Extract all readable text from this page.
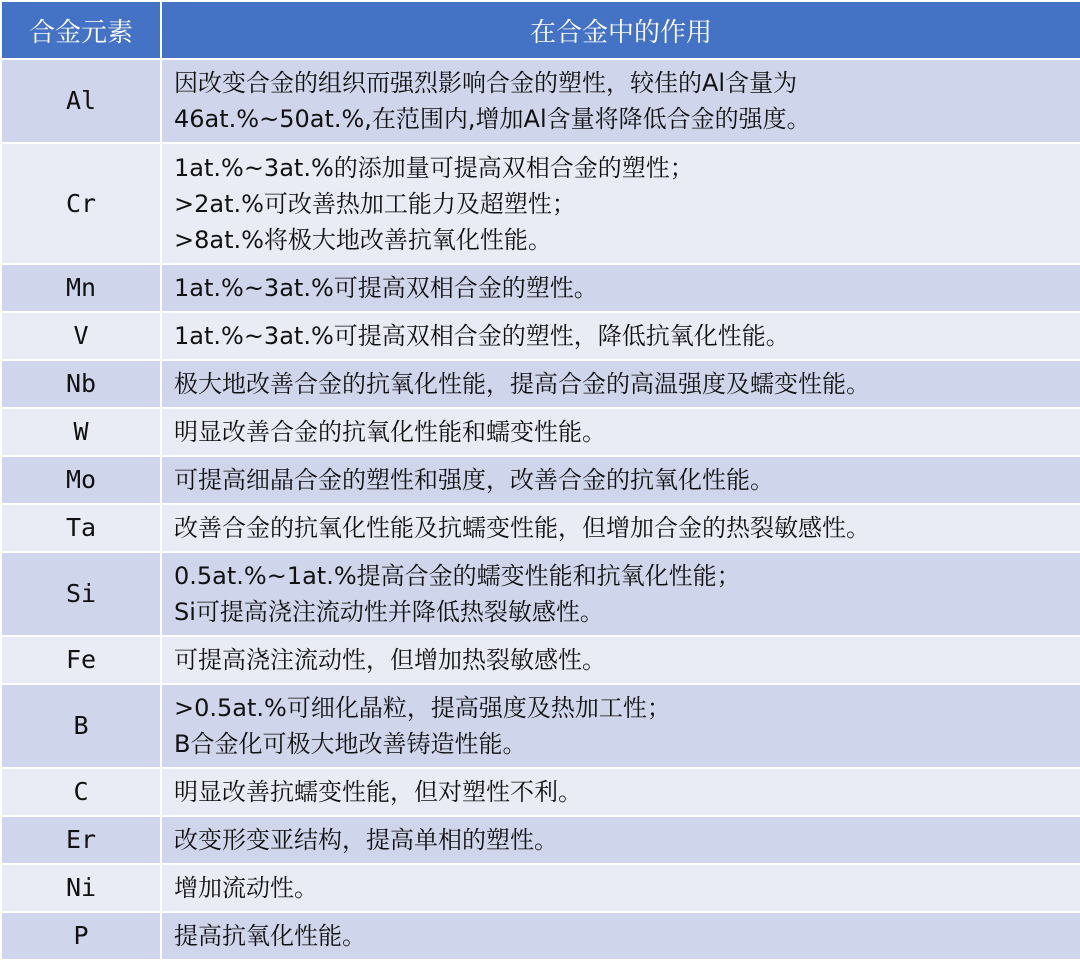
合金元素	在合金中的作用
Al	因改变合金的组织而强烈影响合金的塑性，较佳的Al含量为
46at.%~50at.%,在范围内,增加Al含量将降低合金的强度。
Cr	1at.%~3at.%的添加量可提高双相合金的塑性；
>2at.%可改善热加工能力及超塑性；
>8at.%将极大地改善抗氧化性能。
Mn	1at.%~3at.%可提高双相合金的塑性。
V	1at.%~3at.%可提高双相合金的塑性，降低抗氧化性能。
Nb	极大地改善合金的抗氧化性能，提高合金的高温强度及蠕变性能。
W	明显改善合金的抗氧化性能和蠕变性能。
Mo	可提高细晶合金的塑性和强度，改善合金的抗氧化性能。
Ta	改善合金的抗氧化性能及抗蠕变性能，但增加合金的热裂敏感性。
Si	0.5at.%~1at.%提高合金的蠕变性能和抗氧化性能；
Si可提高浇注流动性并降低热裂敏感性。
Fe	可提高浇注流动性，但增加热裂敏感性。
B	>0.5at.%可细化晶粒，提高强度及热加工性；
B合金化可极大地改善铸造性能。
C	明显改善抗蠕变性能，但对塑性不利。
Er	改变形变亚结构，提高单相的塑性。
Ni	增加流动性。
P	提高抗氧化性能。
